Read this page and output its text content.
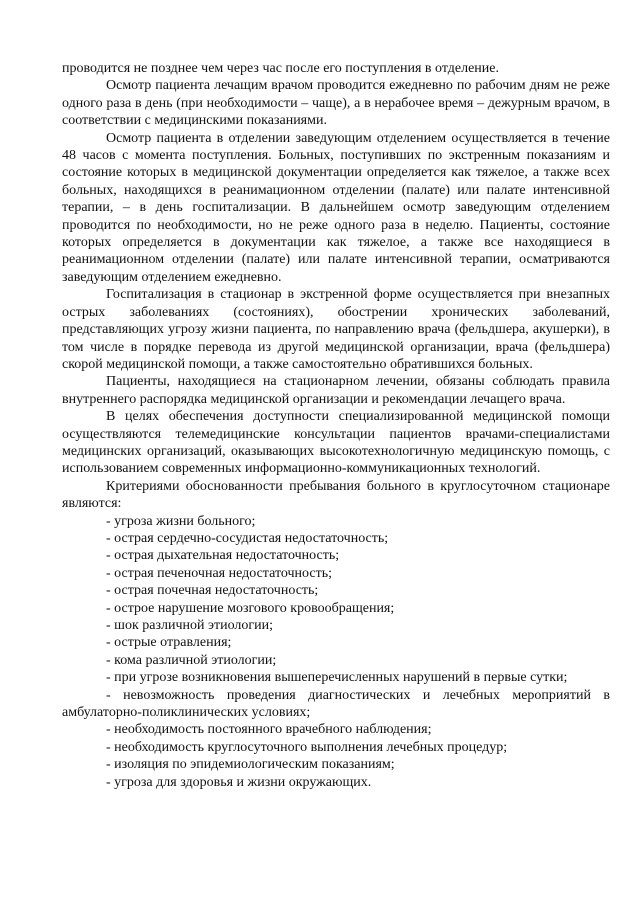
проводится не позднее чем через час после его поступления в отделение.

Осмотр пациента лечащим врачом проводится ежедневно по рабочим дням не реже одного раза в день (при необходимости – чаще), а в нерабочее время – дежурным врачом, в соответствии с медицинскими показаниями.

Осмотр пациента в отделении заведующим отделением осуществляется в течение 48 часов с момента поступления. Больных, поступивших по экстренным показаниям и состояние которых в медицинской документации определяется как тяжелое, а также всех больных, находящихся в реанимационном отделении (палате) или палате интенсивной терапии, – в день госпитализации. В дальнейшем осмотр заведующим отделением проводится по необходимости, но не реже одного раза в неделю. Пациенты, состояние которых определяется в документации как тяжелое, а также все находящиеся в реанимационном отделении (палате) или палате интенсивной терапии, осматриваются заведующим отделением ежедневно.

Госпитализация в стационар в экстренной форме осуществляется при внезапных острых заболеваниях (состояниях), обострении хронических заболеваний, представляющих угрозу жизни пациента, по направлению врача (фельдшера, акушерки), в том числе в порядке перевода из другой медицинской организации, врача (фельдшера) скорой медицинской помощи, а также самостоятельно обратившихся больных.

Пациенты, находящиеся на стационарном лечении, обязаны соблюдать правила внутреннего распорядка медицинской организации и рекомендации лечащего врача.

В целях обеспечения доступности специализированной медицинской помощи осуществляются телемедицинские консультации пациентов врачами-специалистами медицинских организаций, оказывающих высокотехнологичную медицинскую помощь, с использованием современных информационно-коммуникационных технологий.

Критериями обоснованности пребывания больного в круглосуточном стационаре являются:

- угроза жизни больного;
- острая сердечно-сосудистая недостаточность;
- острая дыхательная недостаточность;
- острая печеночная недостаточность;
- острая почечная недостаточность;
- острое нарушение мозгового кровообращения;
- шок различной этиологии;
- острые отравления;
- кома различной этиологии;
- при угрозе возникновения вышеперечисленных нарушений в первые сутки;
- невозможность проведения диагностических и лечебных мероприятий в амбулаторно-поликлинических условиях;
- необходимость постоянного врачебного наблюдения;
- необходимость круглосуточного выполнения лечебных процедур;
- изоляция по эпидемиологическим показаниям;
- угроза для здоровья и жизни окружающих.
